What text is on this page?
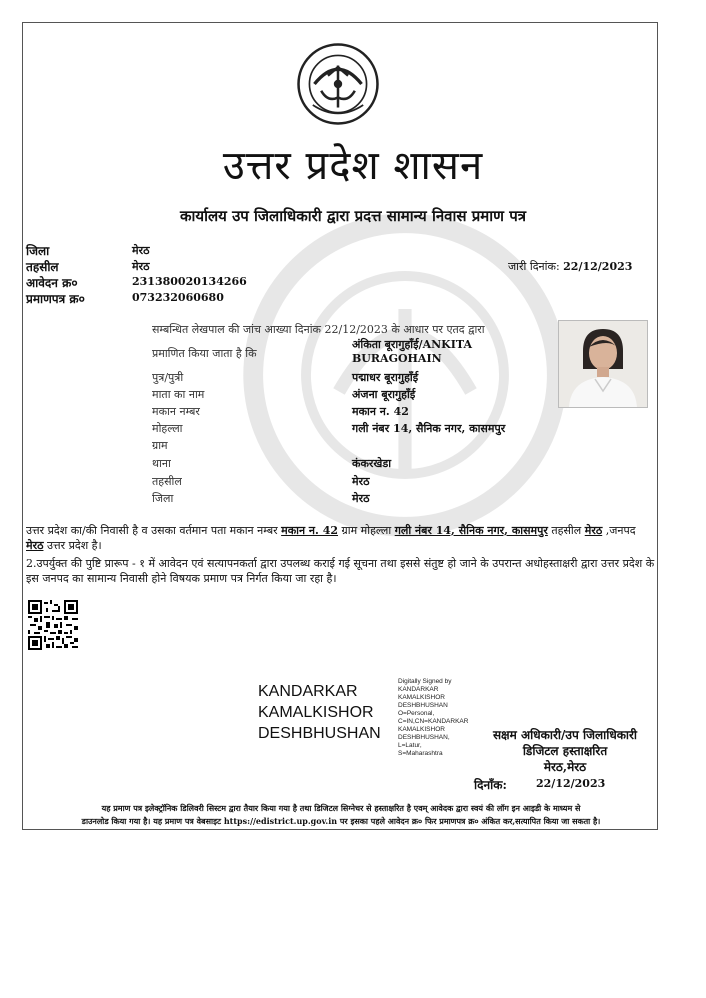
उत्तर प्रदेश शासन
कार्यालय उप जिलाधिकारी द्वारा प्रदत्त सामान्य निवास प्रमाण पत्र
जिला	मेरठ
तहसील	मेरठ
आवेदन क्र०	231380020134266
प्रमाणपत्र क्र०	073232060680
जारी दिनांक: 22/12/2023
सम्बन्धित लेखपाल की जांच आख्या दिनांक 22/12/2023 के आधार पर एतद द्वारा
प्रमाणित किया जाता है कि
अंकिता बूरागुहाँई/ANKITA
BURAGOHAIN
पुत्र/पुत्री	पद्माधर बूरागुहाँई
माता का नाम	अंजना बूरागुहाँई
मकान नम्बर	मकान न. 42
मोहल्ला	गली नंबर 14, सैनिक नगर, कासमपुर
ग्राम
थाना	कंकरखेडा
तहसील	मेरठ
जिला	मेरठ
उत्तर प्रदेश का/की निवासी है व उसका वर्तमान पता मकान नम्बर मकान न. 42 ग्राम मोहल्ला गली नंबर 14, सैनिक नगर, कासमपुर तहसील मेरठ ,जनपद मेरठ उत्तर प्रदेश है।
2.उपर्युक्त की पुष्टि प्रारूप - १ में आवेदन एवं सत्यापनकर्ता द्वारा उपलब्ध कराई गई सूचना तथा इससे संतुष्ट हो जाने के उपरान्त अधोहस्ताक्षरी द्वारा उत्तर प्रदेश के इस जनपद का सामान्य निवासी होने विषयक प्रमाण पत्र निर्गत किया जा रहा है।
KANDARKAR
KAMALKISHOR
DESHBHUSHAN
Digitally Signed by
KANDARKAR
KAMALKISHOR
DESHBHUSHAN
O=Personal,
C=IN,CN=KANDARKAR
KAMALKISHOR
DESHBHUSHAN,
L=Latur,
S=Maharashtra
सक्षम अधिकारी/उप जिलाधिकारी
डिजिटल हस्ताक्षरित
मेरठ,मेरठ
दिनाँक:	22/12/2023
यह प्रमाण पत्र इलेक्ट्रॉनिक डिलिवरी सिस्टम द्वारा तैयार किया गया है तथा डिजिटल सिग्नेचर से हस्ताक्षरित है एवम् आवेदक द्वारा स्वयं की लॉग इन आइडी के माध्यम से
डाउनलोड किया गया है। यह प्रमाण पत्र वेबसाइट https://edistrict.up.gov.in पर इसका पहले आवेदन क्र० फिर प्रमाणपत्र क्र० अंकित कर,सत्यापित किया जा सकता है।
